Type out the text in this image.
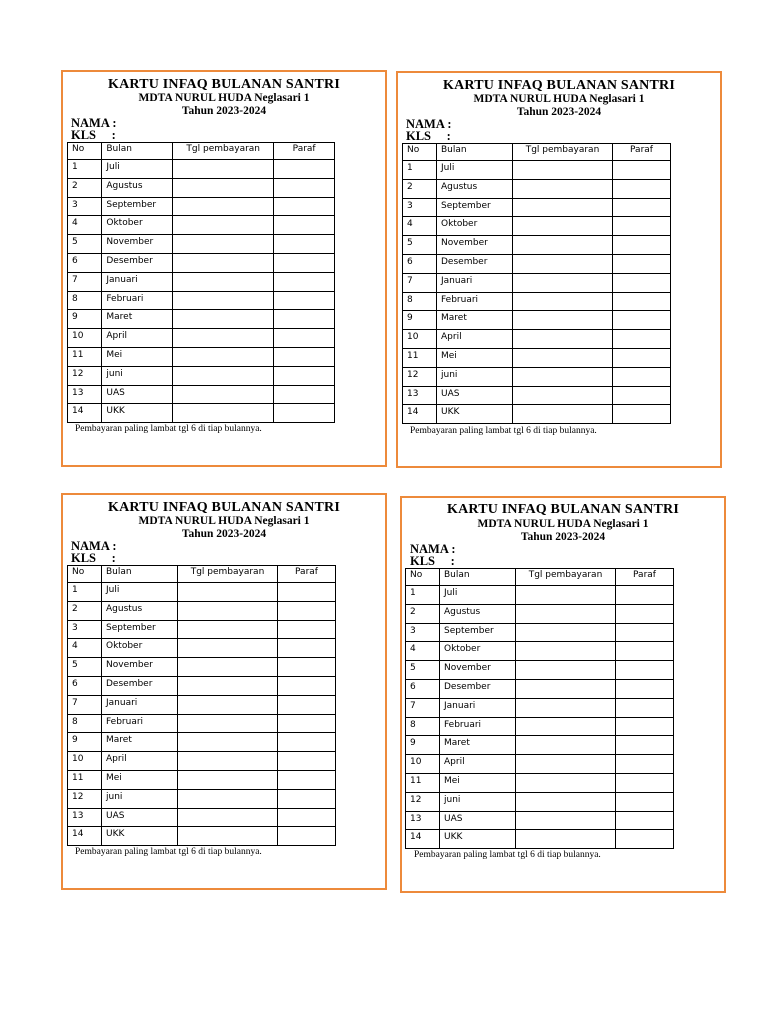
KARTU INFAQ BULANAN SANTRI

MDTA NURUL HUDA Neglasari 1

Tahun 2023-2024

NAMA :

KLS     :

No	Bulan	Tgl pembayaran	Paraf
1	Juli		
2	Agustus		
3	September		
4	Oktober		
5	November		
6	Desember		
7	Januari		
8	Februari		
9	Maret		
10	April		
11	Mei		
12	juni		
13	UAS		
14	UKK		

Pembayaran paling lambat tgl 6 di tiap bulannya.

KARTU INFAQ BULANAN SANTRI

MDTA NURUL HUDA Neglasari 1

Tahun 2023-2024

NAMA :

KLS     :

No	Bulan	Tgl pembayaran	Paraf
1	Juli		
2	Agustus		
3	September		
4	Oktober		
5	November		
6	Desember		
7	Januari		
8	Februari		
9	Maret		
10	April		
11	Mei		
12	juni		
13	UAS		
14	UKK		

Pembayaran paling lambat tgl 6 di tiap bulannya.

KARTU INFAQ BULANAN SANTRI

MDTA NURUL HUDA Neglasari 1

Tahun 2023-2024

NAMA :

KLS     :

No	Bulan	Tgl pembayaran	Paraf
1	Juli		
2	Agustus		
3	September		
4	Oktober		
5	November		
6	Desember		
7	Januari		
8	Februari		
9	Maret		
10	April		
11	Mei		
12	juni		
13	UAS		
14	UKK		

Pembayaran paling lambat tgl 6 di tiap bulannya.

KARTU INFAQ BULANAN SANTRI

MDTA NURUL HUDA Neglasari 1

Tahun 2023-2024

NAMA :

KLS     :

No	Bulan	Tgl pembayaran	Paraf
1	Juli		
2	Agustus		
3	September		
4	Oktober		
5	November		
6	Desember		
7	Januari		
8	Februari		
9	Maret		
10	April		
11	Mei		
12	juni		
13	UAS		
14	UKK		

Pembayaran paling lambat tgl 6 di tiap bulannya.
